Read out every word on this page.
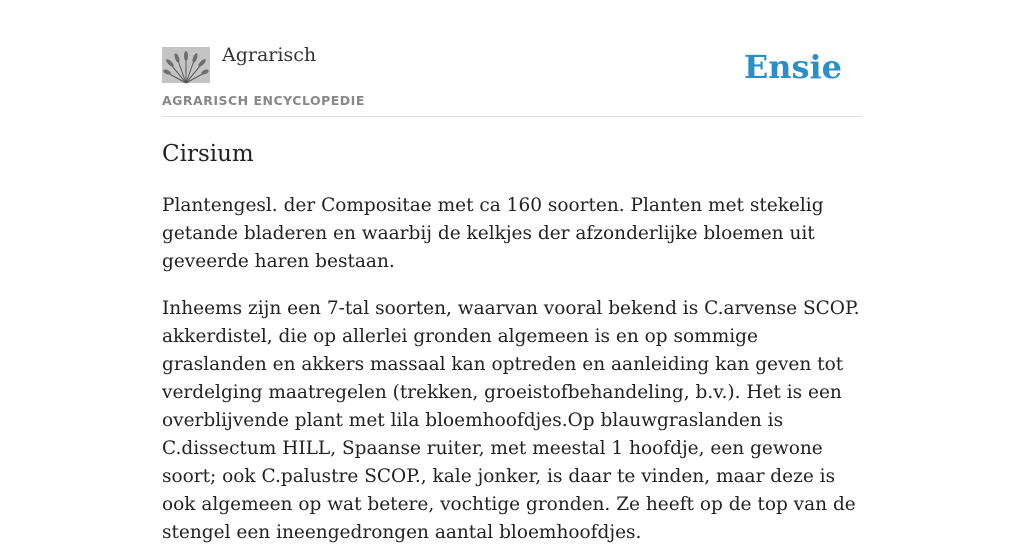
Agrarisch
AGRARISCH ENCYCLOPEDIE
Ensie
Cirsium

Plantengesl. der Compositae met ca 160 soorten. Planten met stekelig getande bladeren en waarbij de kelkjes der afzonderlijke bloemen uit geveerde haren bestaan.

Inheems zijn een 7-tal soorten, waarvan vooral bekend is C.arvense SCOP. akkerdistel, die op allerlei gronden algemeen is en op sommige graslanden en akkers massaal kan optreden en aanleiding kan geven tot verdelging maatregelen (trekken, groeistofbehandeling, b.v.). Het is een overblijvende plant met lila bloemhoofdjes.Op blauwgraslanden is C.dissectum HILL, Spaanse ruiter, met meestal 1 hoofdje, een gewone soort; ook C.palustre SCOP., kale jonker, is daar te vinden, maar deze is ook algemeen op wat betere, vochtige gronden. Ze heeft op de top van de stengel een ineengedrongen aantal bloemhoofdjes.
